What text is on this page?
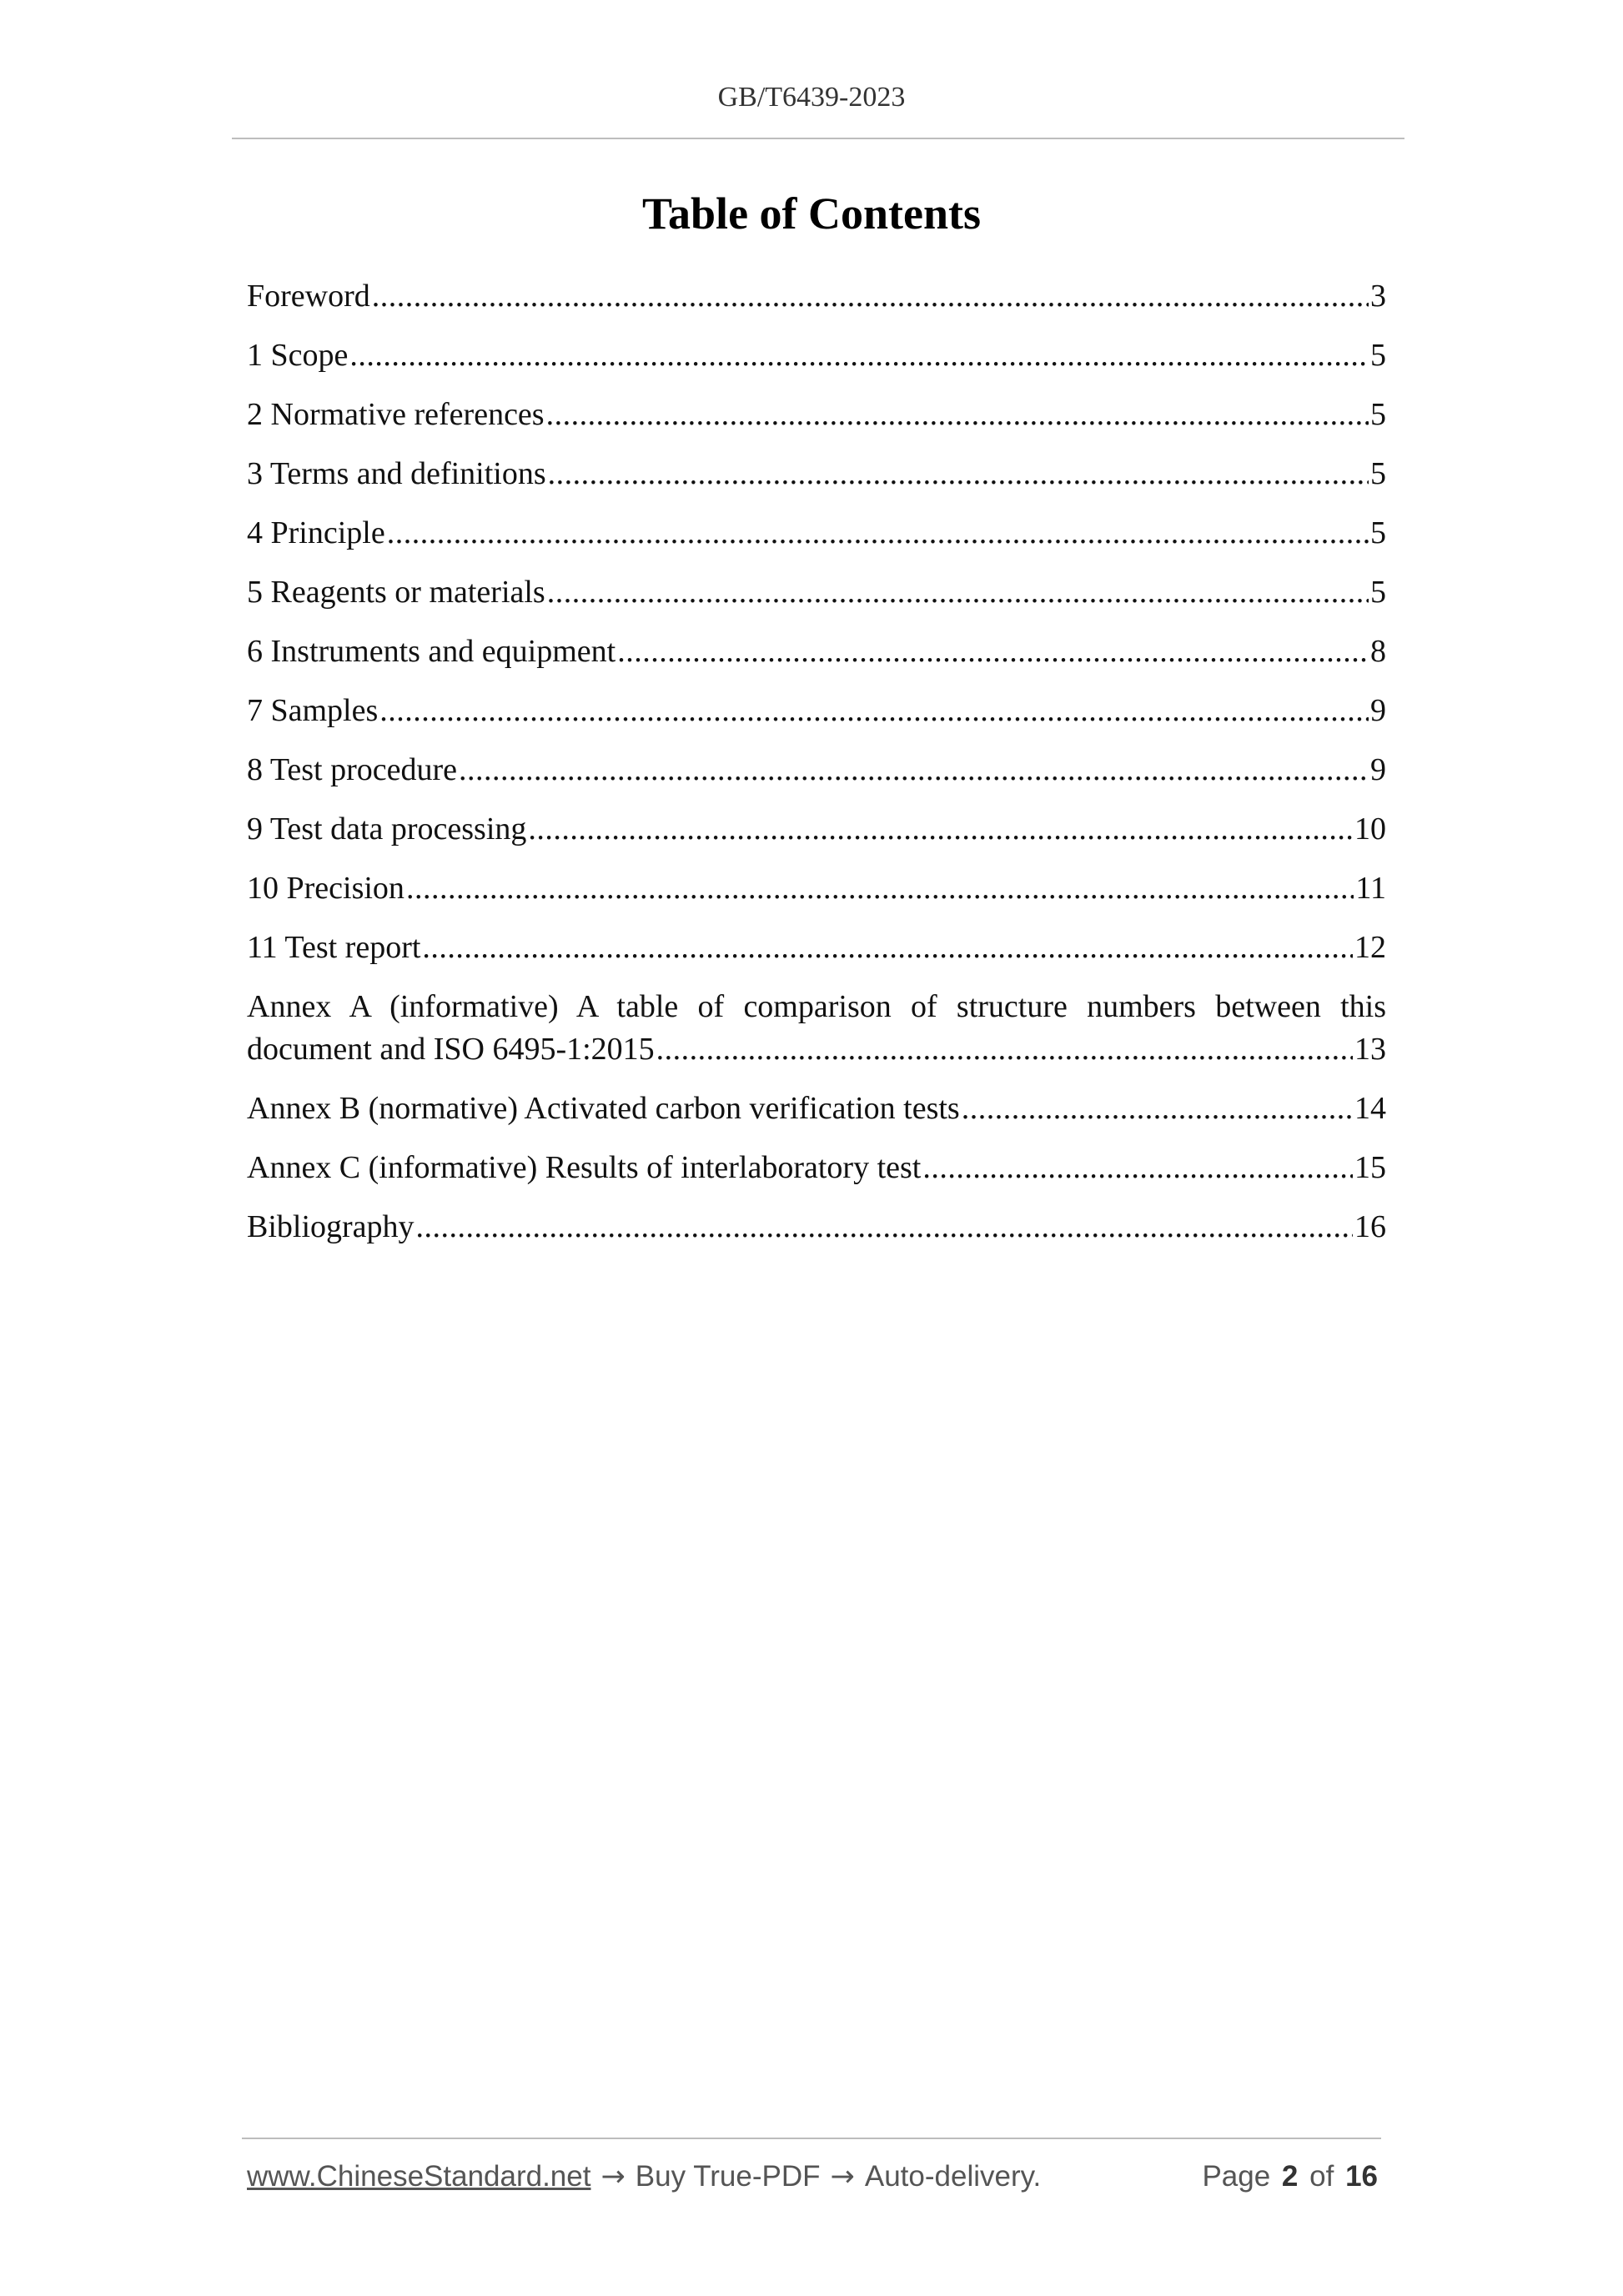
GB/T6439-2023
Table of Contents
Foreword .....	3
1 Scope .....	5
2 Normative references .....	5
3 Terms and definitions .....	5
4 Principle .....	5
5 Reagents or materials .....	5
6 Instruments and equipment .....	8
7 Samples .....	9
8 Test procedure .....	9
9 Test data processing .....	10
10 Precision .....	11
11 Test report .....	12
Annex A (informative) A table of comparison of structure numbers between this
document and ISO 6495-1:2015 .....	13
Annex B (normative) Activated carbon verification tests .....	14
Annex C (informative) Results of interlaboratory test .....	15
Bibliography .....	16
www.ChineseStandard.net → Buy True-PDF → Auto-delivery.	Page 2 of 16
